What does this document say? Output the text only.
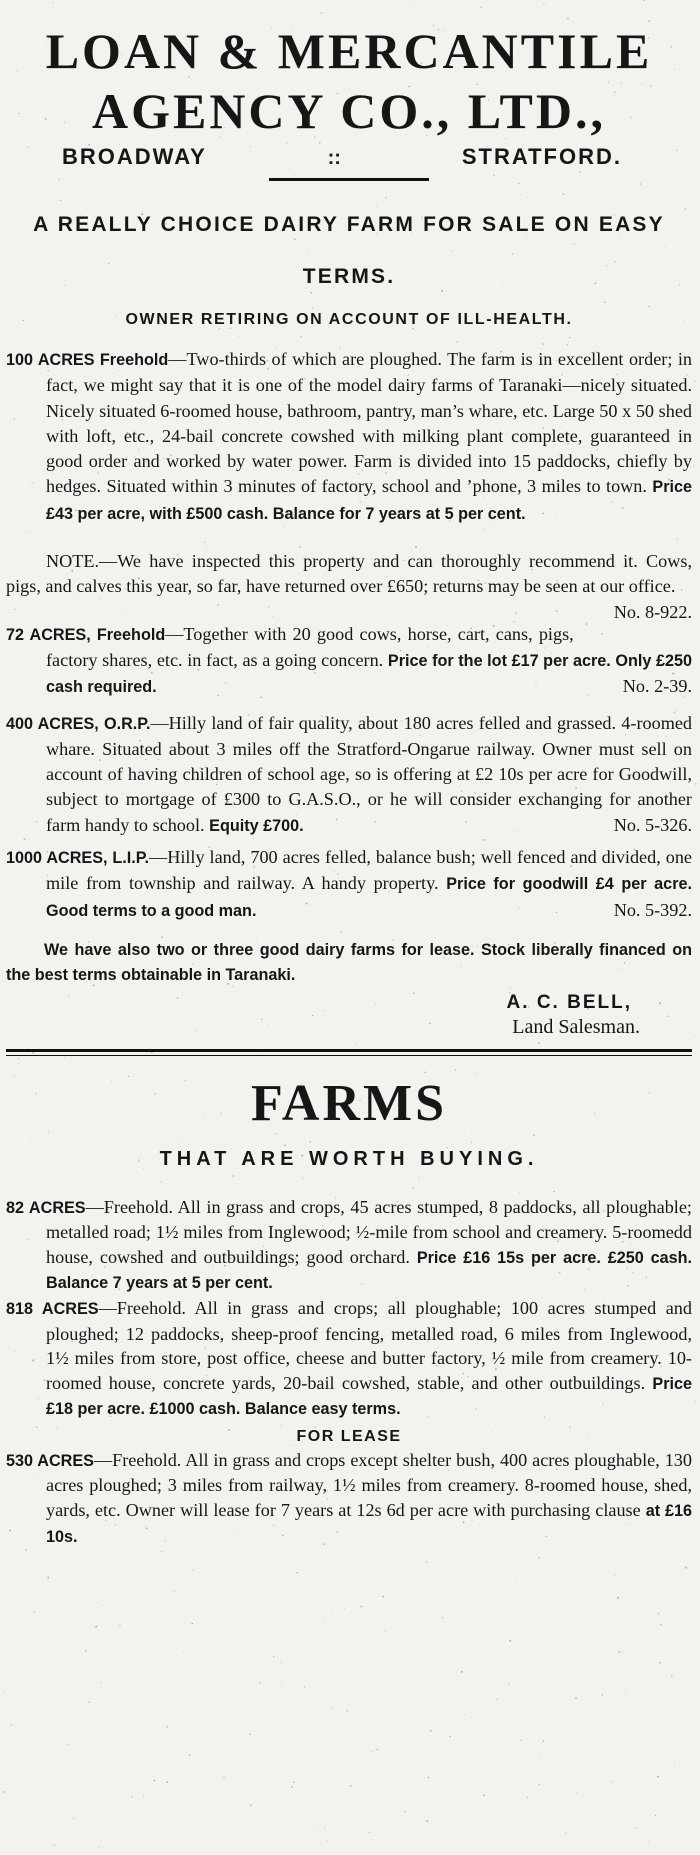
LOAN & MERCANTILE
AGENCY CO., LTD.,
BROADWAY	::	STRATFORD.
A REALLY CHOICE DAIRY FARM FOR SALE ON EASY TERMS.
OWNER RETIRING ON ACCOUNT OF ILL-HEALTH.

100 ACRES Freehold—Two-thirds of which are ploughed. The farm is in excellent order; in fact, we might say that it is one of the model dairy farms of Taranaki—nicely situated. Nicely situated 6-roomed house, bathroom, pantry, man’s whare, etc. Large 50 x 50 shed with loft, etc., 24-bail concrete cowshed with milking plant complete, guaranteed in good order and worked by water power. Farm is divided into 15 paddocks, chiefly by hedges. Situated within 3 minutes of factory, school and ’phone, 3 miles to town. Price £43 per acre, with £500 cash. Balance for 7 years at 5 per cent.

NOTE.—We have inspected this property and can thoroughly recommend it. Cows, pigs, and calves this year, so far, have returned over £650; returns may be seen at our office.
No. 8-922.

72 ACRES, Freehold—Together with 20 good cows, horse, cart, cans, pigs, factory shares, etc. in fact, as a going concern. Price for the lot £17 per acre. Only £250 cash required.	No. 2-39.

400 ACRES, O.R.P.—Hilly land of fair quality, about 180 acres felled and grassed. 4-roomed whare. Situated about 3 miles off the Stratford-Ongarue railway. Owner must sell on account of having children of school age, so is offering at £2 10s per acre for Goodwill, subject to mortgage of £300 to G.A.S.O., or he will consider exchanging for another farm handy to school. Equity £700.	No. 5-326.

1000 ACRES, L.I.P.—Hilly land, 700 acres felled, balance bush; well fenced and divided, one mile from township and railway. A handy property. Price for goodwill £4 per acre. Good terms to a good man.	No. 5-392.

We have also two or three good dairy farms for lease. Stock liberally financed on the best terms obtainable in Taranaki.
A. C. BELL,
Land Salesman.
FARMS
THAT ARE WORTH BUYING.

82 ACRES—Freehold. All in grass and crops, 45 acres stumped, 8 paddocks, all ploughable; metalled road; 1½ miles from Inglewood; ½-mile from school and creamery. 5-roomedd house, cowshed and outbuildings; good orchard. Price £16 15s per acre. £250 cash. Balance 7 years at 5 per cent.

818 ACRES—Freehold. All in grass and crops; all ploughable; 100 acres stumped and ploughed; 12 paddocks, sheep-proof fencing, metalled road, 6 miles from Inglewood, 1½ miles from store, post office, cheese and butter factory, ½ mile from creamery. 10-roomed house, concrete yards, 20-bail cowshed, stable, and other outbuildings. Price £18 per acre. £1000 cash. Balance easy terms.

FOR LEASE

530 ACRES—Freehold. All in grass and crops except shelter bush, 400 acres ploughable, 130 acres ploughed; 3 miles from railway, 1½ miles from creamery. 8-roomed house, shed, yards, etc. Owner will lease for 7 years at 12s 6d per acre with purchasing clause at £16 10s.
